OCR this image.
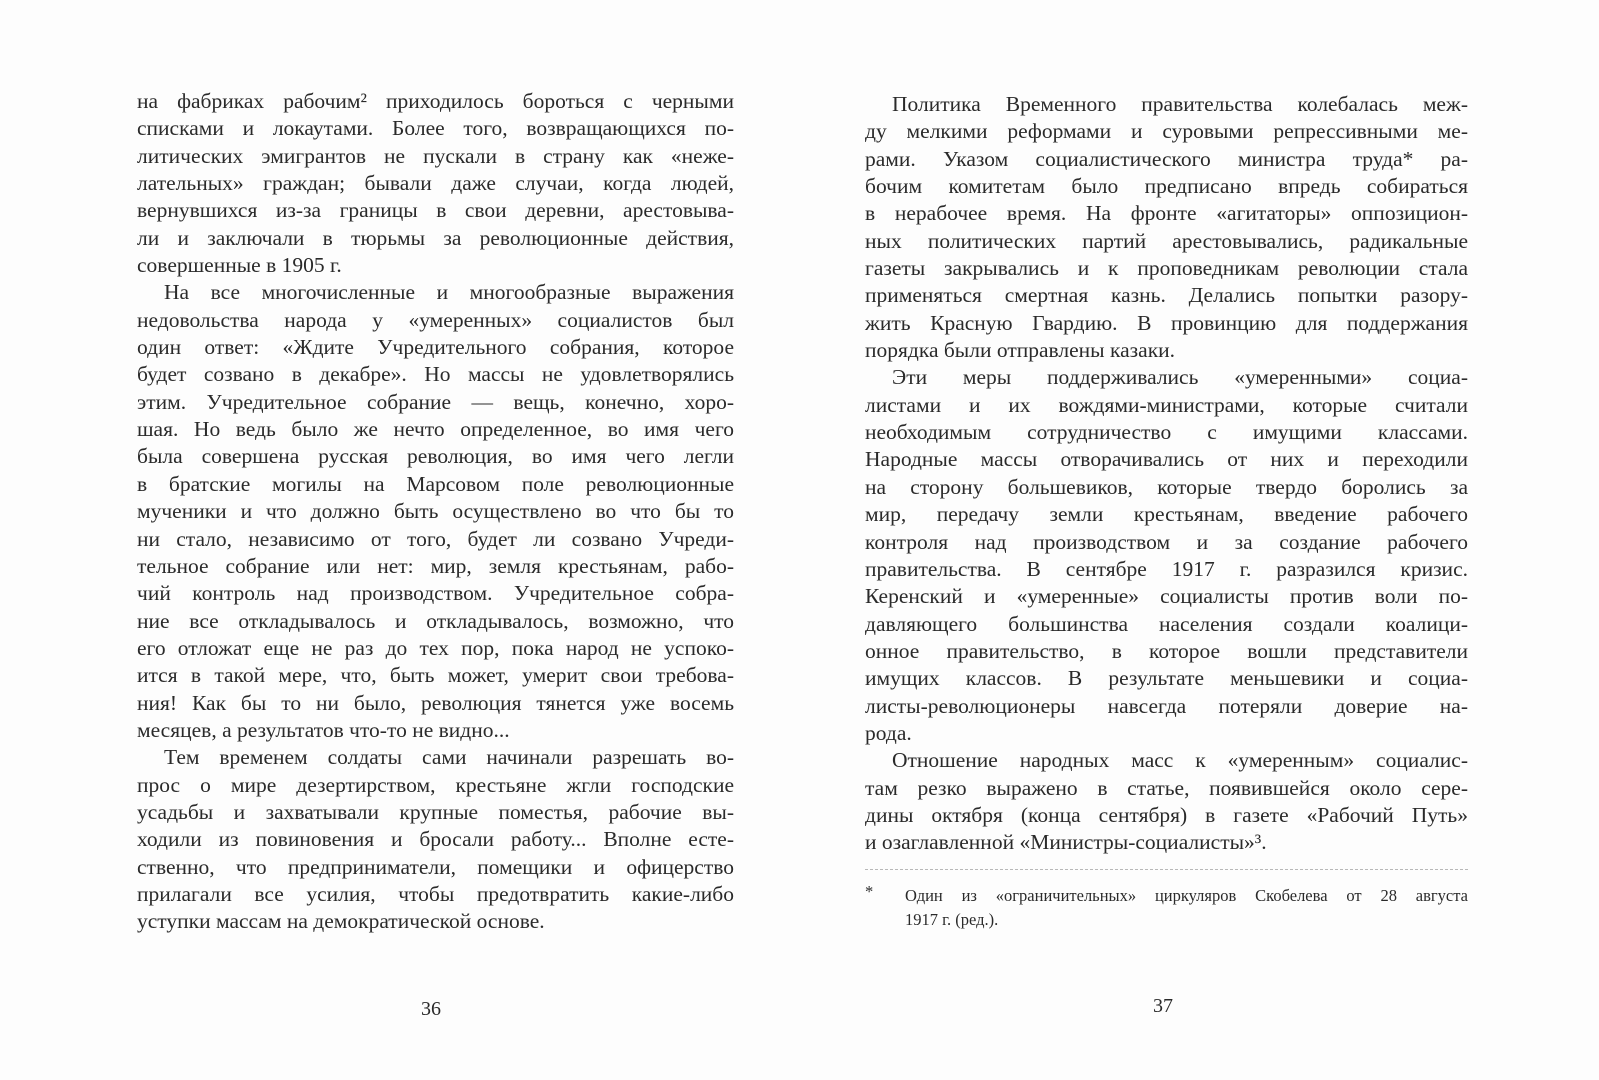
на фабриках рабочим² приходилось бороться с черными
списками и локаутами. Более того, возвращающихся по-
литических эмигрантов не пускали в страну как «неже-
лательных» граждан; бывали даже случаи, когда людей,
вернувшихся из-за границы в свои деревни, арестовыва-
ли и заключали в тюрьмы за революционные действия,
совершенные в 1905 г.
На все многочисленные и многообразные выражения
недовольства народа у «умеренных» социалистов был
один ответ: «Ждите Учредительного собрания, которое
будет созвано в декабре». Но массы не удовлетворялись
этим. Учредительное собрание — вещь, конечно, хоро-
шая. Но ведь было же нечто определенное, во имя чего
была совершена русская революция, во имя чего легли
в братские могилы на Марсовом поле революционные
мученики и что должно быть осуществлено во что бы то
ни стало, независимо от того, будет ли созвано Учреди-
тельное собрание или нет: мир, земля крестьянам, рабо-
чий контроль над производством. Учредительное собра-
ние все откладывалось и откладывалось, возможно, что
его отложат еще не раз до тех пор, пока народ не успоко-
ится в такой мере, что, быть может, умерит свои требова-
ния! Как бы то ни было, революция тянется уже восемь
месяцев, а результатов что-то не видно...
Тем временем солдаты сами начинали разрешать во-
прос о мире дезертирством, крестьяне жгли господские
усадьбы и захватывали крупные поместья, рабочие вы-
ходили из повиновения и бросали работу... Вполне есте-
ственно, что предприниматели, помещики и офицерство
прилагали все усилия, чтобы предотвратить какие-либо
уступки массам на демократической основе.
36
Политика Временного правительства колебалась меж-
ду мелкими реформами и суровыми репрессивными ме-
рами. Указом социалистического министра труда* ра-
бочим комитетам было предписано впредь собираться
в нерабочее время. На фронте «агитаторы» оппозицион-
ных политических партий арестовывались, радикальные
газеты закрывались и к проповедникам революции стала
применяться смертная казнь. Делались попытки разору-
жить Красную Гвардию. В провинцию для поддержания
порядка были отправлены казаки.
Эти меры поддерживались «умеренными» социа-
листами и их вождями-министрами, которые считали
необходимым сотрудничество с имущими классами.
Народные массы отворачивались от них и переходили
на сторону большевиков, которые твердо боролись за
мир, передачу земли крестьянам, введение рабочего
контроля над производством и за создание рабочего
правительства. В сентябре 1917 г. разразился кризис.
Керенский и «умеренные» социалисты против воли по-
давляющего большинства населения создали коалици-
онное правительство, в которое вошли представители
имущих классов. В результате меньшевики и социа-
листы-революционеры навсегда потеряли доверие на-
рода.
Отношение народных масс к «умеренным» социалис-
там резко выражено в статье, появившейся около сере-
дины октября (конца сентября) в газете «Рабочий Путь»
и озаглавленной «Министры-социалисты»³.
* Один из «ограничительных» циркуляров Скобелева от 28 августа
1917 г. (ред.).
37
